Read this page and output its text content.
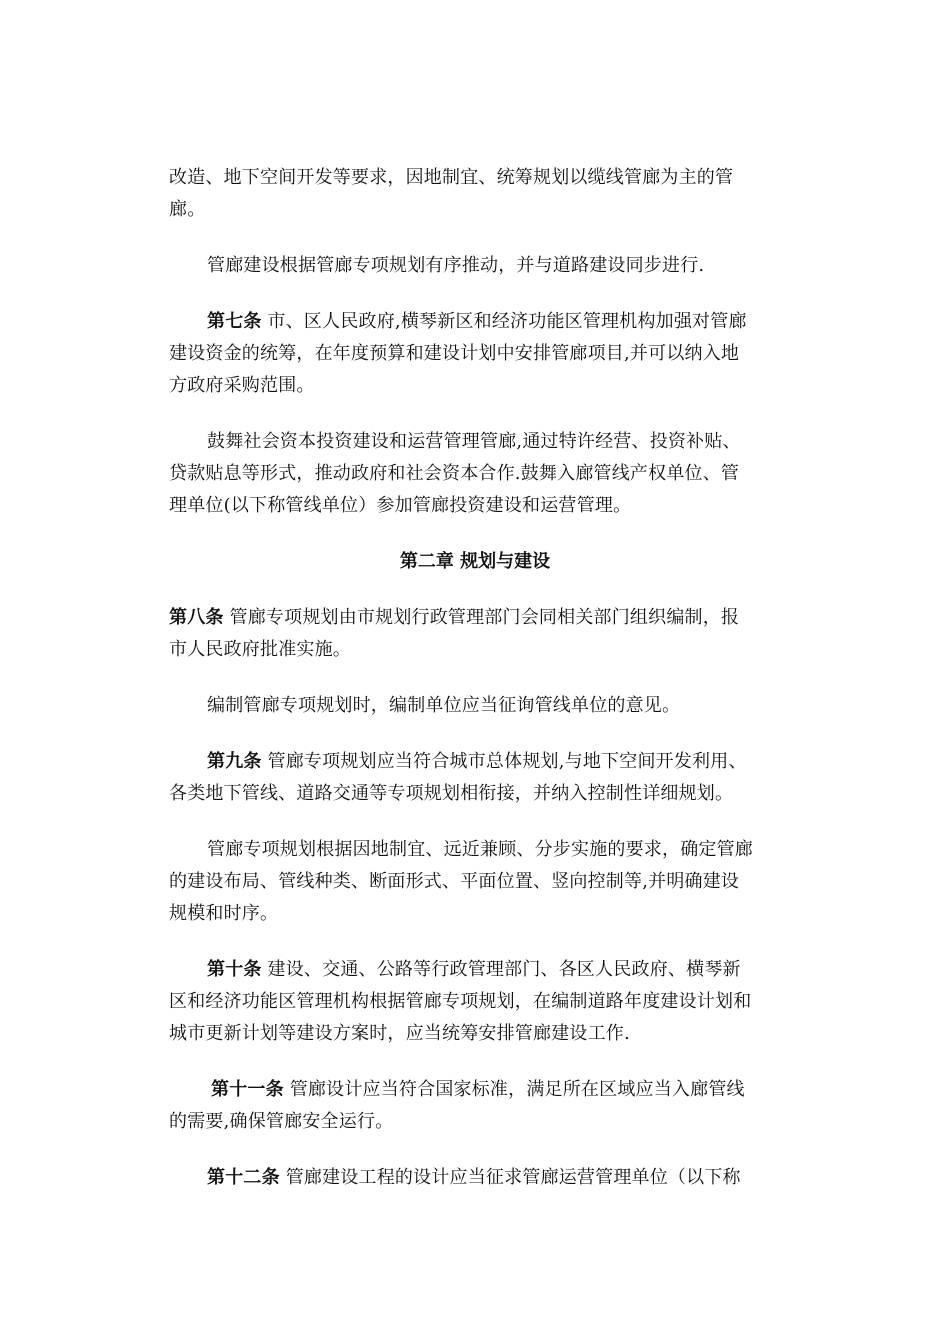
改造、地下空间开发等要求，因地制宜、统筹规划以缆线管廊为主的管
廊。
管廊建设根据管廊专项规划有序推动，并与道路建设同步进行.
第七条 市、区人民政府,横琴新区和经济功能区管理机构加强对管廊
建设资金的统筹，在年度预算和建设计划中安排管廊项目,并可以纳入地
方政府采购范围。
鼓舞社会资本投资建设和运营管理管廊,通过特许经营、投资补贴、
贷款贴息等形式，推动政府和社会资本合作.鼓舞入廊管线产权单位、管
理单位(以下称管线单位）参加管廊投资建设和运营管理。
第二章 规划与建设
第八条 管廊专项规划由市规划行政管理部门会同相关部门组织编制，报
市人民政府批准实施。
编制管廊专项规划时，编制单位应当征询管线单位的意见。
第九条 管廊专项规划应当符合城市总体规划,与地下空间开发利用、
各类地下管线、道路交通等专项规划相衔接，并纳入控制性详细规划。
管廊专项规划根据因地制宜、远近兼顾、分步实施的要求，确定管廊
的建设布局、管线种类、断面形式、平面位置、竖向控制等,并明确建设
规模和时序。
第十条 建设、交通、公路等行政管理部门、各区人民政府、横琴新
区和经济功能区管理机构根据管廊专项规划，在编制道路年度建设计划和
城市更新计划等建设方案时，应当统筹安排管廊建设工作.
第十一条 管廊设计应当符合国家标准，满足所在区域应当入廊管线
的需要,确保管廊安全运行。
第十二条 管廊建设工程的设计应当征求管廊运营管理单位（以下称
